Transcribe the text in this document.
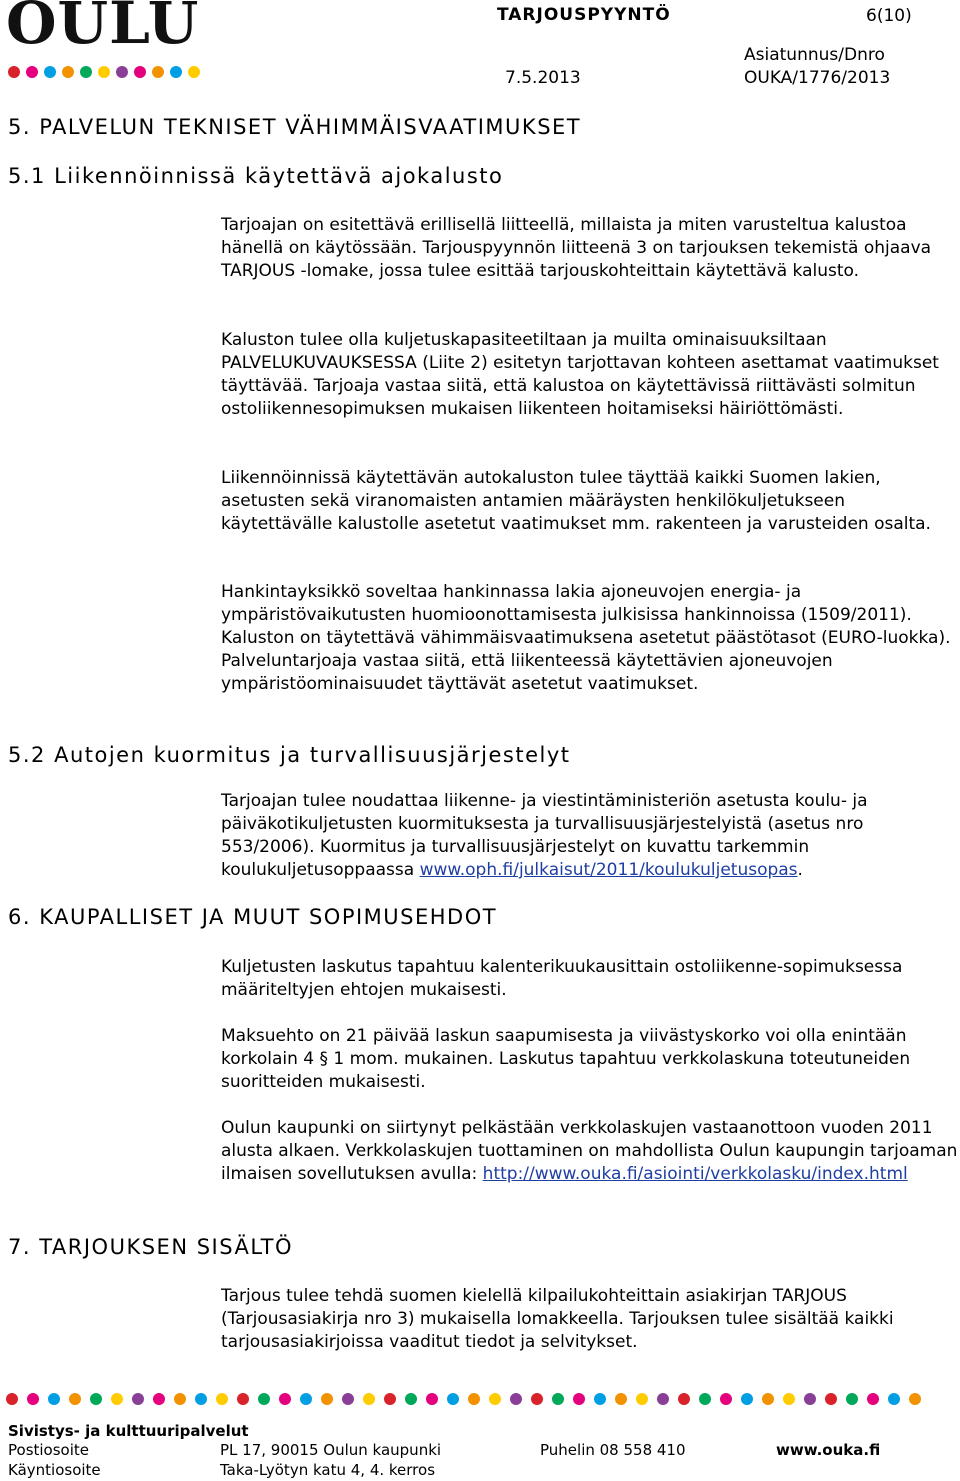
OULU	TARJOUSPYYNTÖ	6(10)
Asiatunnus/Dnro
7.5.2013	OUKA/1776/2013
5. PALVELUN TEKNISET VÄHIMMÄISVAATIMUKSET
5.1 Liikennöinnissä käytettävä ajokalusto

Tarjoajan on esitettävä erillisellä liitteellä, millaista ja miten varusteltua kalustoa hänellä on käytössään. Tarjouspyynnön liitteenä 3 on tarjouksen tekemistä ohjaava TARJOUS -lomake, jossa tulee esittää tarjouskohteittain käytettävä kalusto.

Kaluston tulee olla kuljetuskapasiteetiltaan ja muilta ominaisuuksiltaan PALVELUKUVAUKSESSA (Liite 2) esitetyn tarjottavan kohteen asettamat vaatimukset täyttävää. Tarjoaja vastaa siitä, että kalustoa on käytettävissä riittävästi solmitun ostoliikennesopimuksen mukaisen liikenteen hoitamiseksi häiriöttömästi.

Liikennöinnissä käytettävän autokaluston tulee täyttää kaikki Suomen lakien, asetusten sekä viranomaisten antamien määräysten henkilökuljetukseen käytettävälle kalustolle asetetut vaatimukset mm. rakenteen ja varusteiden osalta.

Hankintayksikkö soveltaa hankinnassa lakia ajoneuvojen energia- ja ympäristövaikutusten huomioonottamisesta julkisissa hankinnoissa (1509/2011). Kaluston on täytettävä vähimmäisvaatimuksena asetetut päästötasot (EURO-luokka). Palveluntarjoaja vastaa siitä, että liikenteessä käytettävien ajoneuvojen ympäristöominaisuudet täyttävät asetetut vaatimukset.

5.2 Autojen kuormitus ja turvallisuusjärjestelyt

Tarjoajan tulee noudattaa liikenne- ja viestintäministeriön asetusta koulu- ja päiväkotikuljetusten kuormituksesta ja turvallisuusjärjestelyistä (asetus nro 553/2006). Kuormitus ja turvallisuusjärjestelyt on kuvattu tarkemmin koulukuljetusoppaassa www.oph.fi/julkaisut/2011/koulukuljetusopas.

6. KAUPALLISET JA MUUT SOPIMUSEHDOT

Kuljetusten laskutus tapahtuu kalenterikuukausittain ostoliikenne-sopimuksessa määriteltyjen ehtojen mukaisesti.

Maksuehto on 21 päivää laskun saapumisesta ja viivästyskorko voi olla enintään korkolain 4 § 1 mom. mukainen. Laskutus tapahtuu verkkolaskuna toteutuneiden suoritteiden mukaisesti.

Oulun kaupunki on siirtynyt pelkästään verkkolaskujen vastaanottoon vuoden 2011 alusta alkaen. Verkkolaskujen tuottaminen on mahdollista Oulun kaupungin tarjoaman ilmaisen sovellutuksen avulla: http://www.ouka.fi/asiointi/verkkolasku/index.html

7. TARJOUKSEN SISÄLTÖ

Tarjous tulee tehdä suomen kielellä kilpailukohteittain asiakirjan TARJOUS (Tarjousasiakirja nro 3) mukaisella lomakkeella. Tarjouksen tulee sisältää kaikki tarjousasiakirjoissa vaaditut tiedot ja selvitykset.

Sivistys- ja kulttuuripalvelut
Postiosoite	PL 17, 90015 Oulun kaupunki	Puhelin 08 558 410	www.ouka.fi
Käyntiosoite	Taka-Lyötyn katu 4, 4. kerros
